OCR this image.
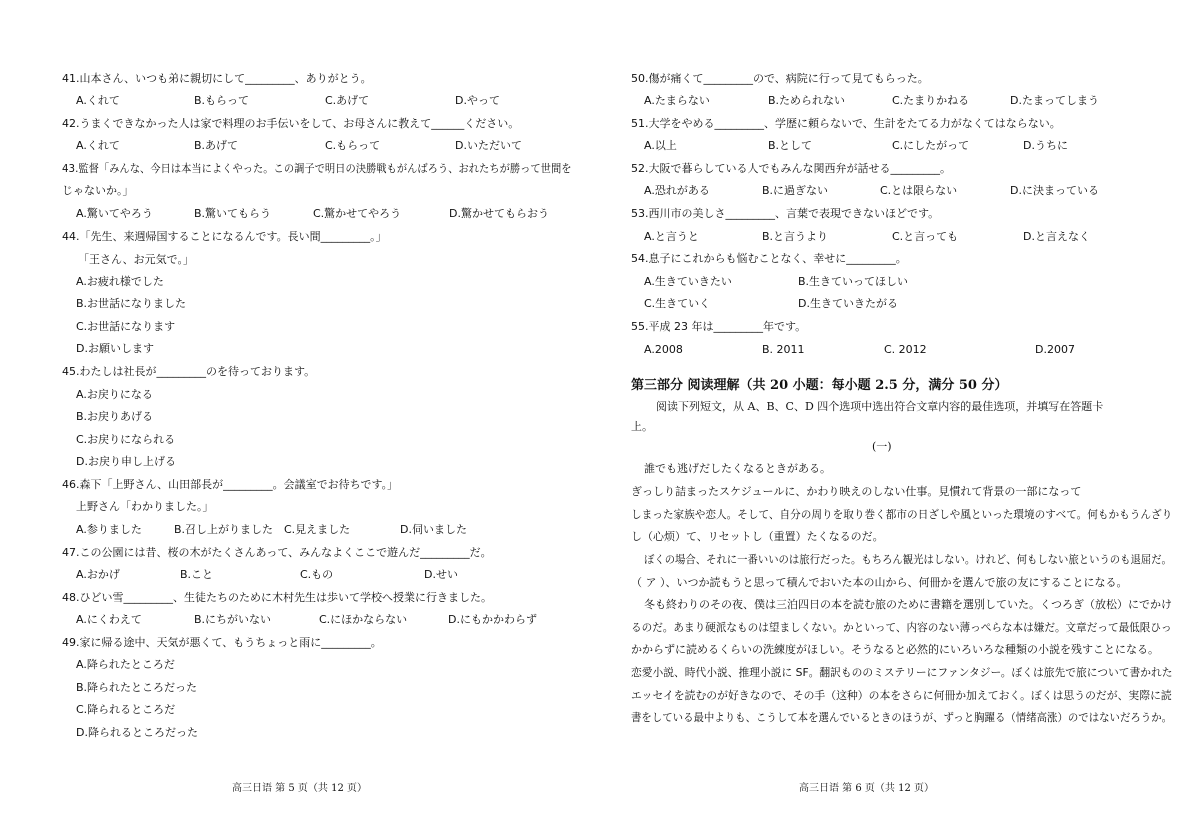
41.山本さん、いつも弟に親切にして_________、ありがとう。
A.くれて	B.もらって	C.あげて	D.やって
42.うまくできなかった人は家で料理のお手伝いをして、お母さんに教えて______ください。
A.くれて	B.あげて	C.もらって	D.いただいて
43.監督「みんな、今日は本当によくやった。この調子で明日の決勝戦もがんばろう、おれたちが勝って世間を
じゃないか。」
A.驚いてやろう	B.驚いてもらう	C.驚かせてやろう	D.驚かせてもらおう
44.「先生、来週帰国することになるんです。長い間_________。」
「王さん、お元気で。」
A.お疲れ様でした
B.お世話になりました
C.お世話になります
D.お願いします
45.わたしは社長が_________のを待っております。
A.お戻りになる
B.お戻りあげる
C.お戻りになられる
D.お戻り申し上げる
46.森下「上野さん、山田部長が_________。会議室でお待ちです。」
上野さん「わかりました。」
A.参りました	B.召し上がりました C.見えました	D.伺いました
47.この公園には昔、桜の木がたくさんあって、みんなよくここで遊んだ_________だ。
A.おかげ	B.こと	C.もの	D.せい
48.ひどい雪_________、生徒たちのために木村先生は歩いて学校へ授業に行きました。
A.にくわえて	B.にちがいない	C.にほかならない	D.にもかかわらず
49.家に帰る途中、天気が悪くて、もうちょっと雨に_________。
A.降られたところだ
B.降られたところだった
C.降られるところだ
D.降られるところだった
高三日语 第 5 页（共 12 页）
50.傷が痛くて_________ので、病院に行って見てもらった。
A.たまらない	B.ためられない	C.たまりかねる	D.たまってしまう
51.大学をやめる_________、学歴に頼らないで、生計をたてる力がなくてはならない。
A.以上	B.として	C.にしたがって	D.うちに
52.大阪で暮らしている人でもみんな関西弁が話せる_________。
A.恐れがある	B.に過ぎない	C.とは限らない	D.に決まっている
53.西川市の美しさ_________、言葉で表現できないほどです。
A.と言うと	B.と言うより	C.と言っても	D.と言えなく
54.息子にこれからも悩むことなく、幸せに_________。
A.生きていきたい	B.生きていってほしい
C.生きていく	D.生きていきたがる
55.平成 23 年は_________年です。
A.2008	B. 2011	C. 2012	D.2007
第三部分 阅读理解（共 20 小题：每小题 2.5 分，满分 50 分）
阅读下列短文，从 A、B、C、D 四个选项中选出符合文章内容的最佳选项，并填写在答题卡
上。
(一)
誰でも逃げだしたくなるときがある。
ぎっしり詰まったスケジュールに、かわり映えのしない仕事。見慣れて背景の一部になって
しまった家族や恋人。そして、自分の周りを取り巻く都市の日ざしや風といった環境のすべて。何もかもうんざり
し（心烦）て、リセットし（重置）たくなるのだ。
ぼくの場合、それに一番いいのは旅行だった。もちろん観光はしない。けれど、何もしない旅というのも退屈だ。
（ ア ）、いつか読もうと思って積んでおいた本の山から、何冊かを選んで旅の友にすることになる。
冬も終わりのその夜、僕は三泊四日の本を読む旅のために書籍を選別していた。くつろぎ（放松）にでかけ
るのだ。あまり硬派なものは望ましくない。かといって、内容のない薄っぺらな本は嫌だ。文章だって最低限ひっ
かからずに読めるくらいの洗練度がほしい。そうなると必然的にいろいろな種類の小説を残すことになる。
恋愛小説、時代小説、推理小説に SF。翻訳もののミステリーにファンタジー。ぼくは旅先で旅について書かれた
エッセイを読むのが好きなので、その手（这种）の本をさらに何冊か加えておく。ぼくは思うのだが、実際に読
書をしている最中よりも、こうして本を選んでいるときのほうが、ずっと胸躍る（情绪高涨）のではないだろうか。
高三日语 第 6 页（共 12 页）
